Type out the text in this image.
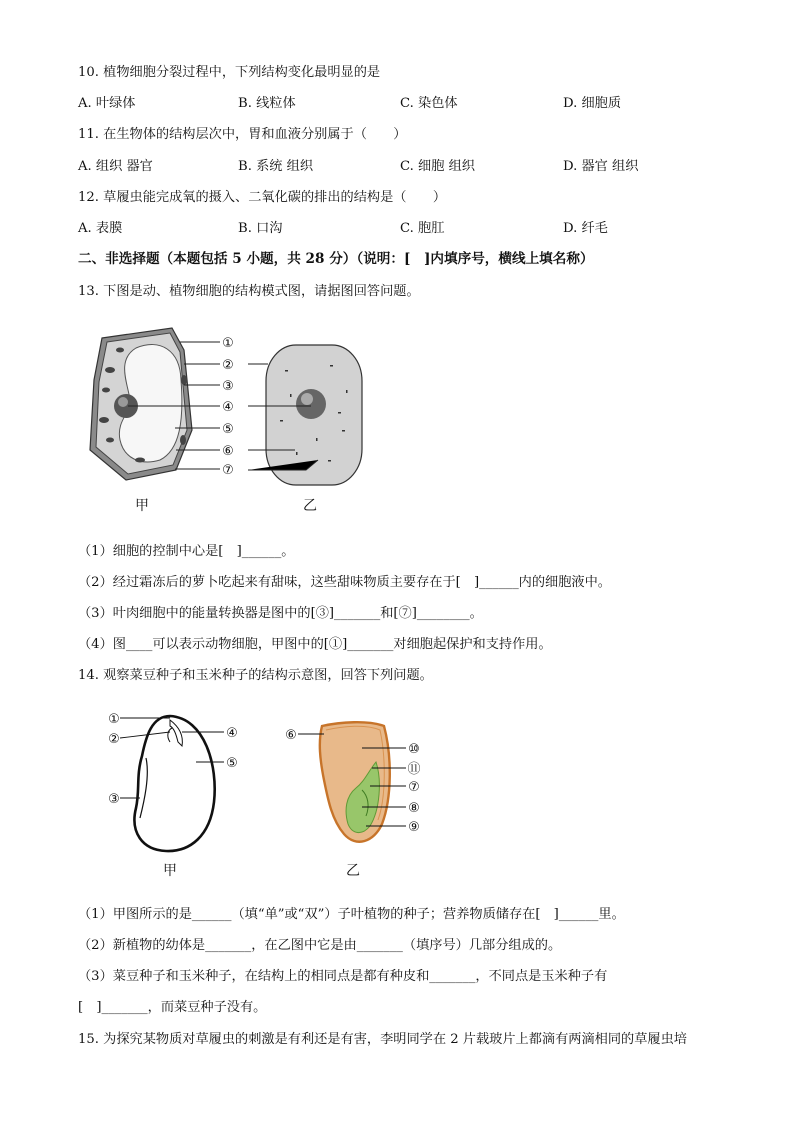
10. 植物细胞分裂过程中，下列结构变化最明显的是
A. 叶绿体	B. 线粒体	C. 染色体	D. 细胞质
11. 在生物体的结构层次中，胃和血液分别属于（　　）
A. 组织 器官	B. 系统 组织	C. 细胞 组织	D. 器官 组织
12. 草履虫能完成氧的摄入、二氧化碳的排出的结构是（　　）
A. 表膜	B. 口沟	C. 胞肛	D. 纤毛
二、非选择题（本题包括 5 小题，共 28 分）（说明：[　]内填序号，横线上填名称）
13. 下图是动、植物细胞的结构模式图，请据图回答问题。
①
②
③
④
⑤
⑥
⑦
甲	乙
（1）细胞的控制中心是[　]______。
（2）经过霜冻后的萝卜吃起来有甜味，这些甜味物质主要存在于[　]______内的细胞液中。
（3）叶肉细胞中的能量转换器是图中的[③]_______和[⑦]________。
（4）图____可以表示动物细胞，甲图中的[①]_______对细胞起保护和支持作用。
14. 观察菜豆种子和玉米种子的结构示意图，回答下列问题。
①
②
③
④
⑤
⑥
⑩
⑪
⑦
⑧
⑨
甲	乙
（1）甲图所示的是______（填“单”或“双”）子叶植物的种子；营养物质储存在[　]______里。
（2）新植物的幼体是_______，在乙图中它是由_______（填序号）几部分组成的。
（3）菜豆种子和玉米种子，在结构上的相同点是都有种皮和_______，不同点是玉米种子有
[　]_______，而菜豆种子没有。
15. 为探究某物质对草履虫的刺激是有利还是有害，李明同学在 2 片载玻片上都滴有两滴相同的草履虫培
